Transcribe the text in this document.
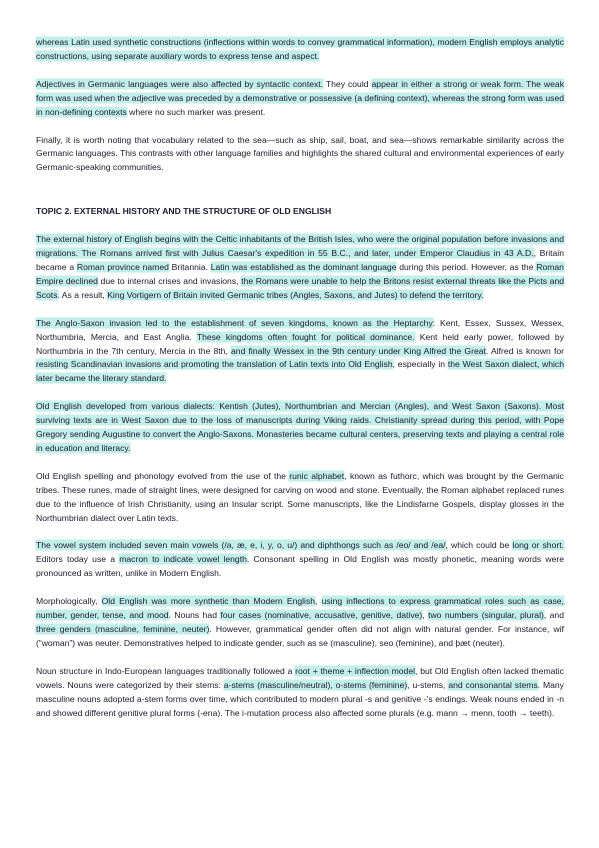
whereas Latin used synthetic constructions (inflections within words to convey grammatical information), modern English employs analytic constructions, using separate auxiliary words to express tense and aspect.

Adjectives in Germanic languages were also affected by syntactic context. They could appear in either a strong or weak form. The weak form was used when the adjective was preceded by a demonstrative or possessive (a defining context), whereas the strong form was used in non-defining contexts where no such marker was present.

Finally, it is worth noting that vocabulary related to the sea—such as ship, sail, boat, and sea—shows remarkable similarity across the Germanic languages. This contrasts with other language families and highlights the shared cultural and environmental experiences of early Germanic-speaking communities.

TOPIC 2. EXTERNAL HISTORY AND THE STRUCTURE OF OLD ENGLISH

The external history of English begins with the Celtic inhabitants of the British Isles, who were the original population before invasions and migrations. The Romans arrived first with Julius Caesar's expedition in 55 B.C., and later, under Emperor Claudius in 43 A.D., Britain became a Roman province named Britannia. Latin was established as the dominant language during this period. However, as the Roman Empire declined due to internal crises and invasions, the Romans were unable to help the Britons resist external threats like the Picts and Scots. As a result, King Vortigern of Britain invited Germanic tribes (Angles, Saxons, and Jutes) to defend the territory.

The Anglo-Saxon invasion led to the establishment of seven kingdoms, known as the Heptarchy: Kent, Essex, Sussex, Wessex, Northumbria, Mercia, and East Anglia. These kingdoms often fought for political dominance. Kent held early power, followed by Northumbria in the 7th century, Mercia in the 8th, and finally Wessex in the 9th century under King Alfred the Great. Alfred is known for resisting Scandinavian invasions and promoting the translation of Latin texts into Old English, especially in the West Saxon dialect, which later became the literary standard.

Old English developed from various dialects: Kentish (Jutes), Northumbrian and Mercian (Angles), and West Saxon (Saxons). Most surviving texts are in West Saxon due to the loss of manuscripts during Viking raids. Christianity spread during this period, with Pope Gregory sending Augustine to convert the Anglo-Saxons. Monasteries became cultural centers, preserving texts and playing a central role in education and literacy.

Old English spelling and phonology evolved from the use of the runic alphabet, known as futhorc, which was brought by the Germanic tribes. These runes, made of straight lines, were designed for carving on wood and stone. Eventually, the Roman alphabet replaced runes due to the influence of Irish Christianity, using an Insular script. Some manuscripts, like the Lindisfarne Gospels, display glosses in the Northumbrian dialect over Latin texts.

The vowel system included seven main vowels (/a, æ, e, i, y, o, u/) and diphthongs such as /eo/ and /ea/, which could be long or short. Editors today use a macron to indicate vowel length. Consonant spelling in Old English was mostly phonetic, meaning words were pronounced as written, unlike in Modern English.

Morphologically, Old English was more synthetic than Modern English, using inflections to express grammatical roles such as case, number, gender, tense, and mood. Nouns had four cases (nominative, accusative, genitive, dative), two numbers (singular, plural), and three genders (masculine, feminine, neuter). However, grammatical gender often did not align with natural gender. For instance, wif (“woman”) was neuter. Demonstratives helped to indicate gender, such as se (masculine), seo (feminine), and þæt (neuter).

Noun structure in Indo-European languages traditionally followed a root + theme + inflection model, but Old English often lacked thematic vowels. Nouns were categorized by their stems: a-stems (masculine/neutral), o-stems (feminine), u-stems, and consonantal stems. Many masculine nouns adopted a-stem forms over time, which contributed to modern plural -s and genitive -’s endings. Weak nouns ended in -n and showed different genitive plural forms (-ena). The i-mutation process also affected some plurals (e.g. mann → menn, tooth → teeth).
